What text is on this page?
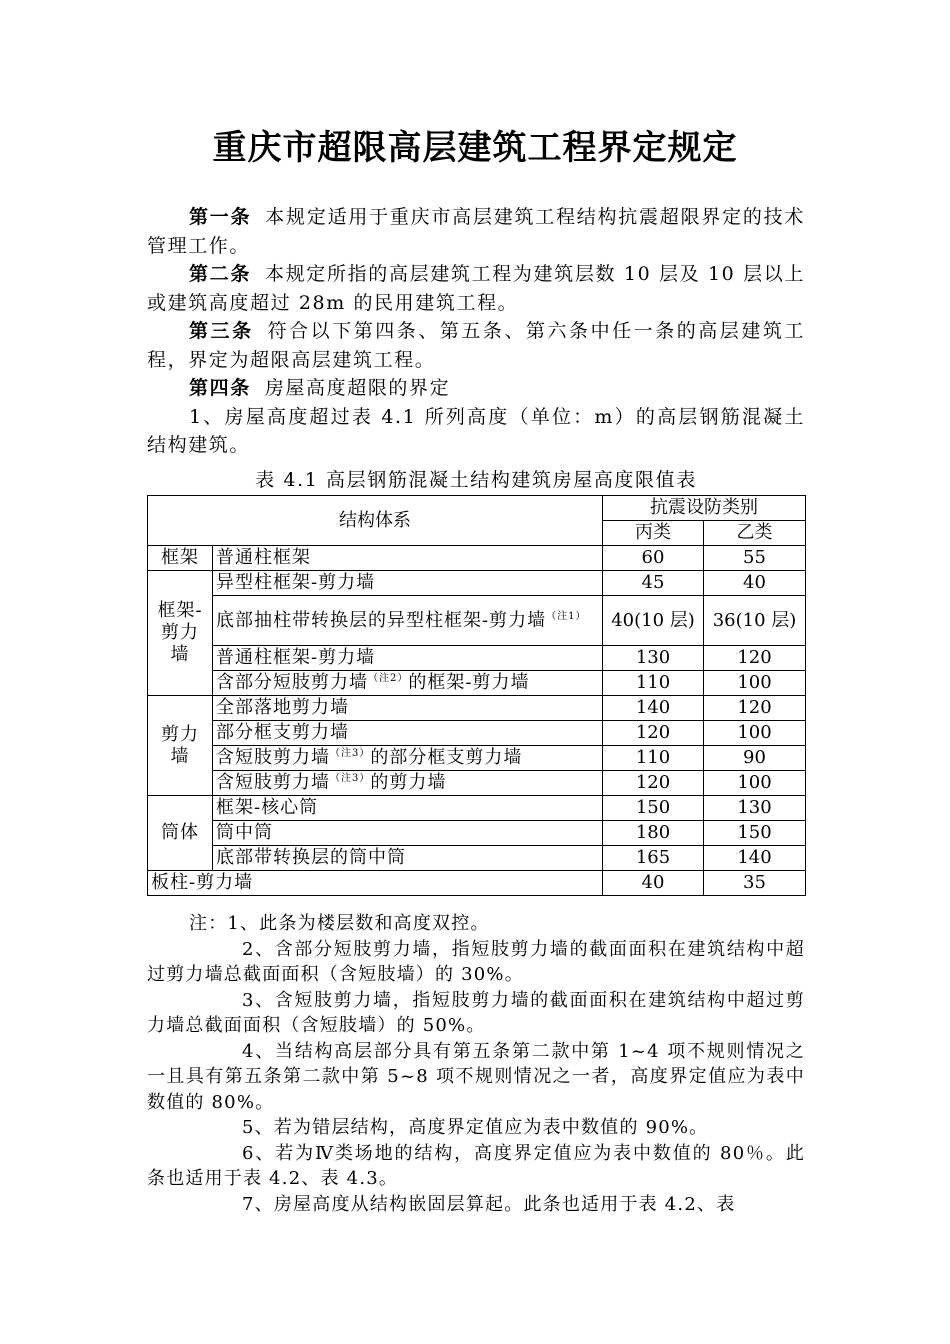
重庆市超限高层建筑工程界定规定

第一条 本规定适用于重庆市高层建筑工程结构抗震超限界定的技术管理工作。

第二条 本规定所指的高层建筑工程为建筑层数 10 层及 10 层以上或建筑高度超过 28m 的民用建筑工程。

第三条 符合以下第四条、第五条、第六条中任一条的高层建筑工程，界定为超限高层建筑工程。

第四条 房屋高度超限的界定

1、房屋高度超过表 4.1 所列高度（单位：m）的高层钢筋混凝土结构建筑。

表 4.1 高层钢筋混凝土结构建筑房屋高度限值表
结构体系		抗震设防类别	
		丙类	乙类
框架	普通柱框架	60	55
框架-剪力墙	异型柱框架-剪力墙	45	40
	底部抽柱带转换层的异型柱框架-剪力墙$^{(注1)}$	40(10 层)	36(10 层)
	普通柱框架-剪力墙	130	120
	含部分短肢剪力墙$^{(注2)}$的框架-剪力墙	110	100
剪力墙	全部落地剪力墙	140	120
	部分框支剪力墙	120	100
	含短肢剪力墙$^{(注3)}$的部分框支剪力墙	110	90
	含短肢剪力墙$^{(注3)}$的剪力墙	120	100
筒体	框架-核心筒	150	130
	筒中筒	180	150
	底部带转换层的筒中筒	165	140
板柱-剪力墙		40	35

注：1、此条为楼层数和高度双控。

2、含部分短肢剪力墙，指短肢剪力墙的截面面积在建筑结构中超过剪力墙总截面面积（含短肢墙）的 30%。

3、含短肢剪力墙，指短肢剪力墙的截面面积在建筑结构中超过剪力墙总截面面积（含短肢墙）的 50%。

4、当结构高层部分具有第五条第二款中第 1~4 项不规则情况之一且具有第五条第二款中第 5~8 项不规则情况之一者，高度界定值应为表中数值的 80%。

5、若为错层结构，高度界定值应为表中数值的 90%。

6、若为Ⅳ类场地的结构，高度界定值应为表中数值的 80％。此条也适用于表 4.2、表 4.3。

7、房屋高度从结构嵌固层算起。此条也适用于表 4.2、表
